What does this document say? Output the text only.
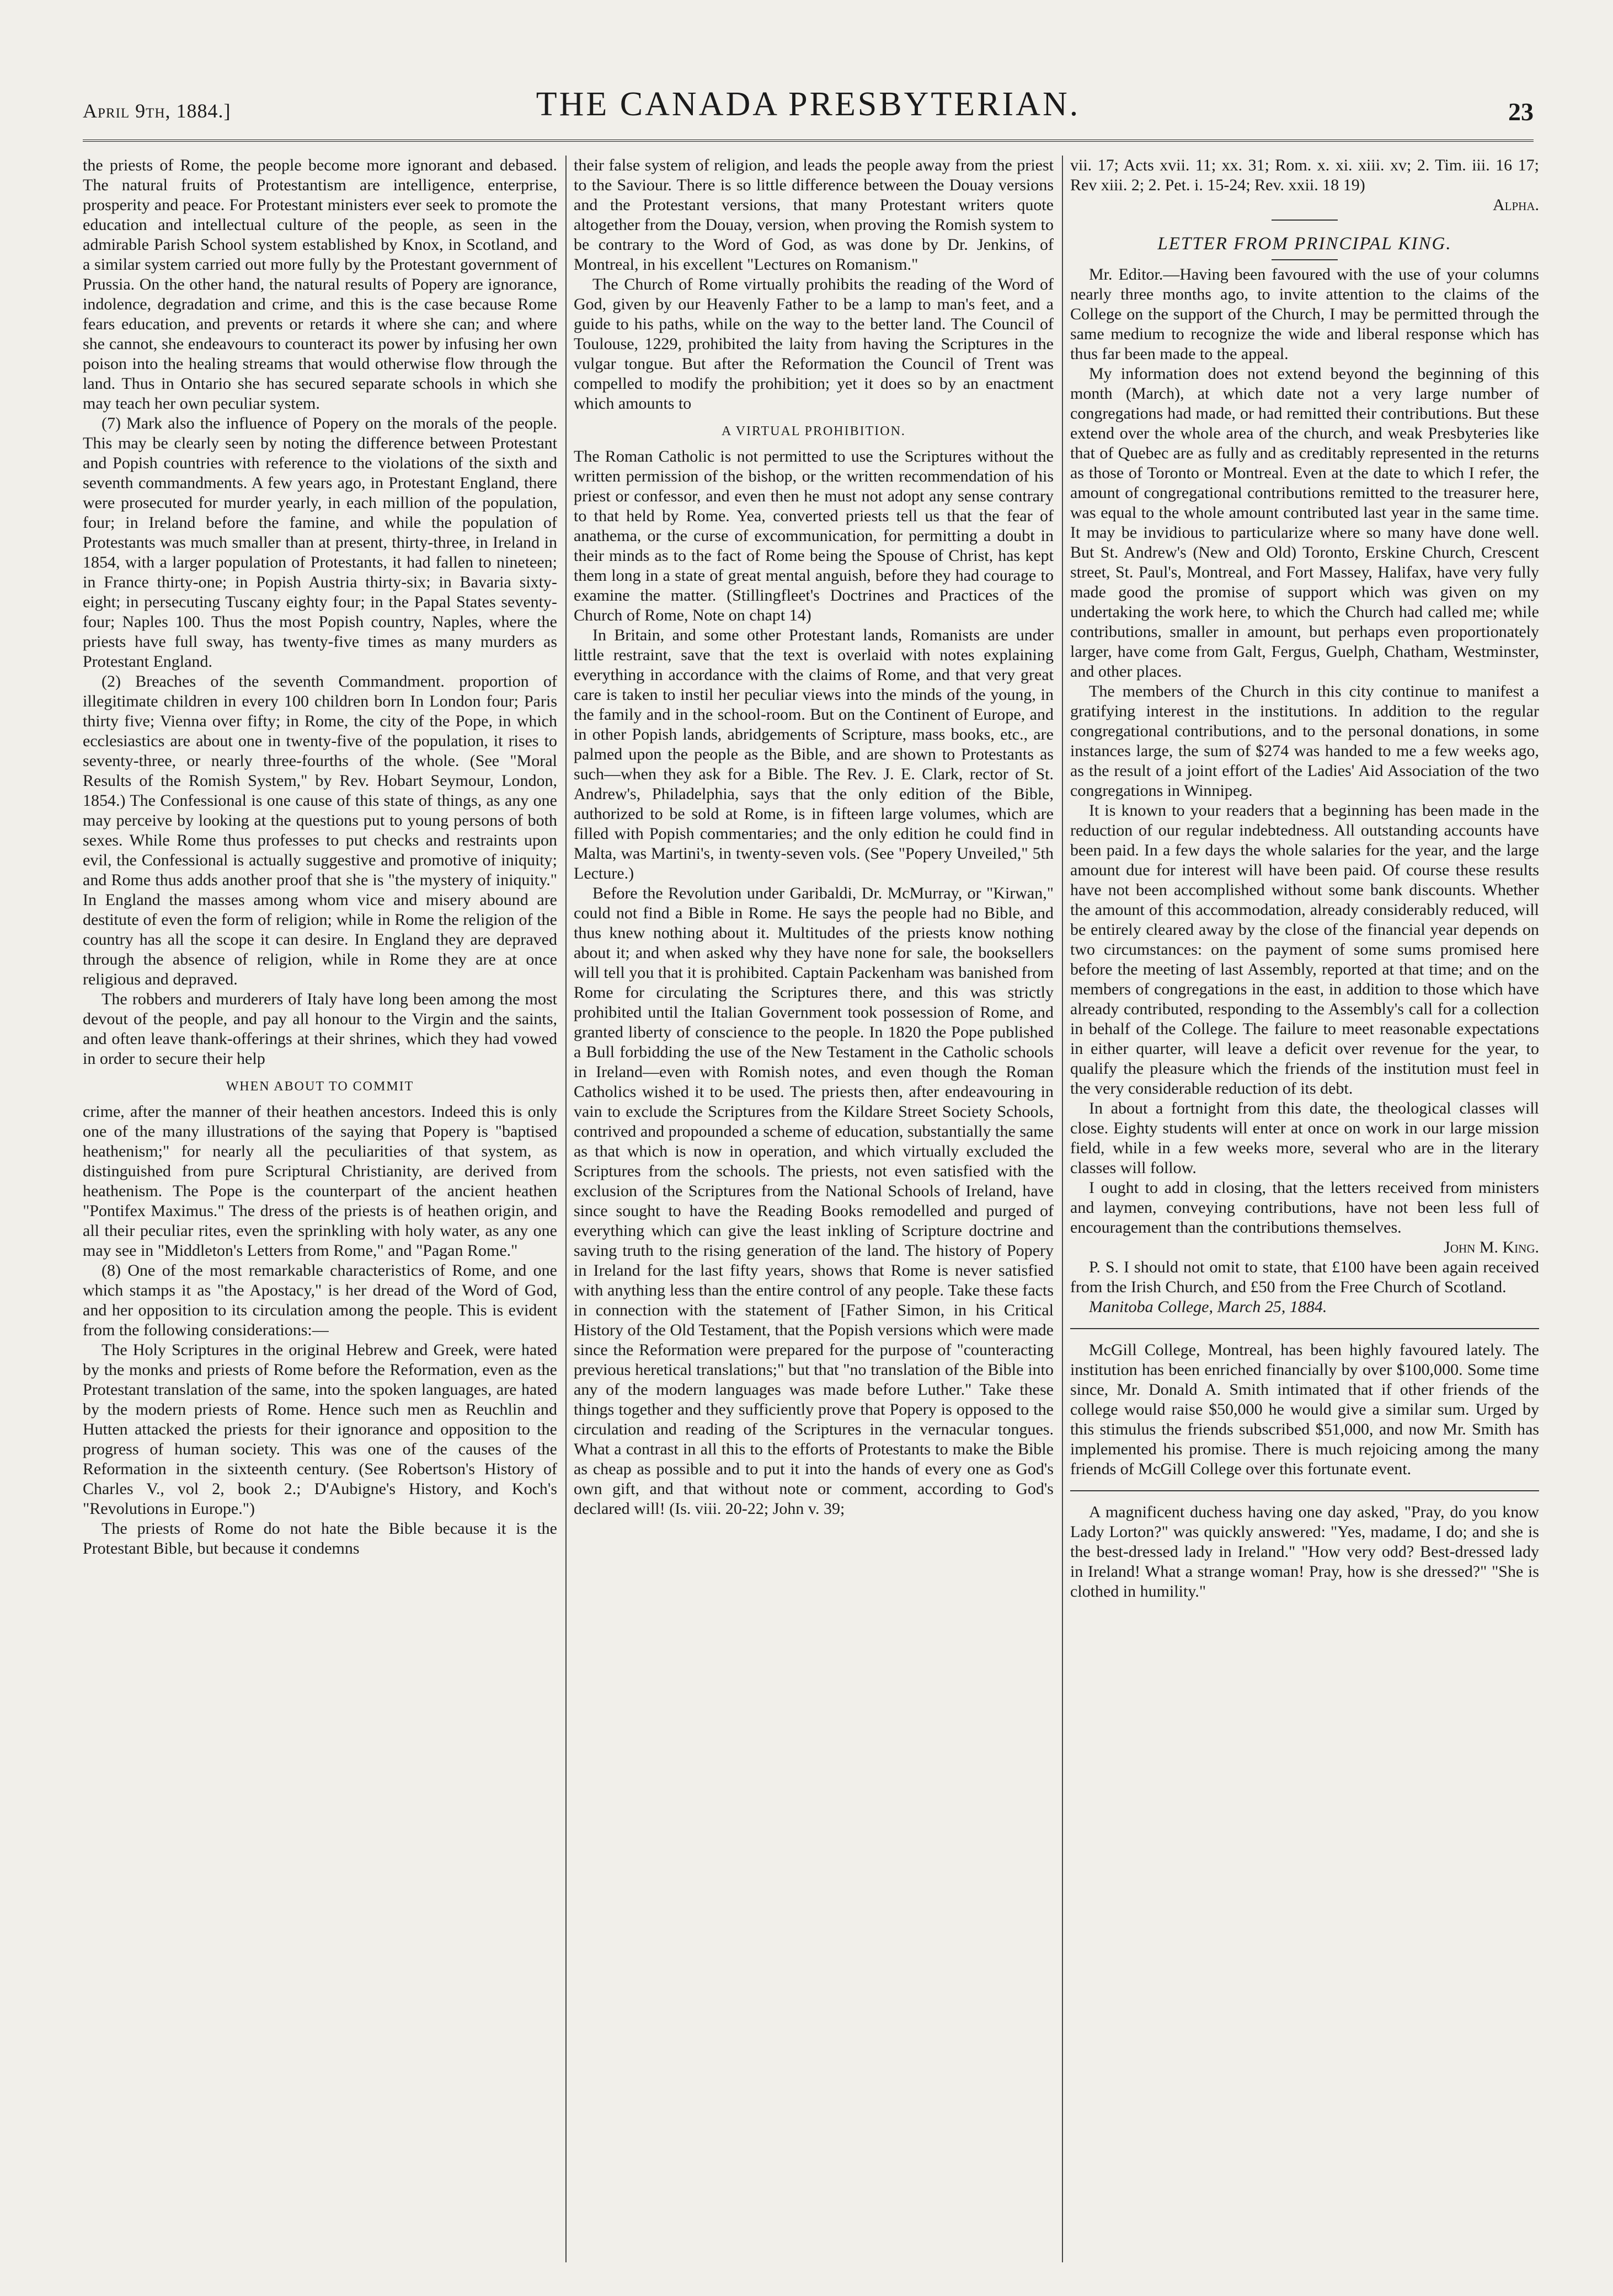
April 9th, 1884.]	THE CANADA PRESBYTERIAN.	23

the priests of Rome, the people become more ignorant and debased. The natural fruits of Protestantism are intelligence, enterprise, prosperity and peace. For Protestant ministers ever seek to promote the education and intellectual culture of the people, as seen in the admirable Parish School system established by Knox, in Scotland, and a similar system carried out more fully by the Protestant government of Prussia. On the other hand, the natural results of Popery are ignorance, indolence, degradation and crime, and this is the case because Rome fears education, and prevents or retards it where she can; and where she cannot, she endeavours to counteract its power by infusing her own poison into the healing streams that would otherwise flow through the land. Thus in Ontario she has secured separate schools in which she may teach her own peculiar system.

(7) Mark also the influence of Popery on the morals of the people. This may be clearly seen by noting the difference between Protestant and Popish countries with reference to the violations of the sixth and seventh commandments. A few years ago, in Protestant England, there were prosecuted for murder yearly, in each million of the population, four; in Ireland before the famine, and while the population of Protestants was much smaller than at present, thirty-three, in Ireland in 1854, with a larger population of Protestants, it had fallen to nineteen; in France thirty-one; in Popish Austria thirty-six; in Bavaria sixty-eight; in persecuting Tuscany eighty four; in the Papal States seventy-four; Naples 100. Thus the most Popish country, Naples, where the priests have full sway, has twenty-five times as many murders as Protestant England.

(2) Breaches of the seventh Commandment. proportion of illegitimate children in every 100 children born In London four; Paris thirty five; Vienna over fifty; in Rome, the city of the Pope, in which ecclesiastics are about one in twenty-five of the population, it rises to seventy-three, or nearly three-fourths of the whole. (See "Moral Results of the Romish System," by Rev. Hobart Seymour, London, 1854.) The Confessional is one cause of this state of things, as any one may perceive by looking at the questions put to young persons of both sexes. While Rome thus professes to put checks and restraints upon evil, the Confessional is actually suggestive and promotive of iniquity; and Rome thus adds another proof that she is "the mystery of iniquity." In England the masses among whom vice and misery abound are destitute of even the form of religion; while in Rome the religion of the country has all the scope it can desire. In England they are depraved through the absence of religion, while in Rome they are at once religious and depraved.

The robbers and murderers of Italy have long been among the most devout of the people, and pay all honour to the Virgin and the saints, and often leave thank-offerings at their shrines, which they had vowed in order to secure their help

WHEN ABOUT TO COMMIT

crime, after the manner of their heathen ancestors. Indeed this is only one of the many illustrations of the saying that Popery is "baptised heathenism;" for nearly all the peculiarities of that system, as distinguished from pure Scriptural Christianity, are derived from heathenism. The Pope is the counterpart of the ancient heathen "Pontifex Maximus." The dress of the priests is of heathen origin, and all their peculiar rites, even the sprinkling with holy water, as any one may see in "Middleton's Letters from Rome," and "Pagan Rome."

(8) One of the most remarkable characteristics of Rome, and one which stamps it as "the Apostacy," is her dread of the Word of God, and her opposition to its circulation among the people. This is evident from the following considerations:—

The Holy Scriptures in the original Hebrew and Greek, were hated by the monks and priests of Rome before the Reformation, even as the Protestant translation of the same, into the spoken languages, are hated by the modern priests of Rome. Hence such men as Reuchlin and Hutten attacked the priests for their ignorance and opposition to the progress of human society. This was one of the causes of the Reformation in the sixteenth century. (See Robertson's History of Charles V., vol 2, book 2.; D'Aubigne's History, and Koch's "Revolutions in Europe.")

The priests of Rome do not hate the Bible because it is the Protestant Bible, but because it condemns

their false system of religion, and leads the people away from the priest to the Saviour. There is so little difference between the Douay versions and the Protestant versions, that many Protestant writers quote altogether from the Douay, version, when proving the Romish system to be contrary to the Word of God, as was done by Dr. Jenkins, of Montreal, in his excellent "Lectures on Romanism."

The Church of Rome virtually prohibits the reading of the Word of God, given by our Heavenly Father to be a lamp to man's feet, and a guide to his paths, while on the way to the better land. The Council of Toulouse, 1229, prohibited the laity from having the Scriptures in the vulgar tongue. But after the Reformation the Council of Trent was compelled to modify the prohibition; yet it does so by an enactment which amounts to

A VIRTUAL PROHIBITION.

The Roman Catholic is not permitted to use the Scriptures without the written permission of the bishop, or the written recommendation of his priest or confessor, and even then he must not adopt any sense contrary to that held by Rome. Yea, converted priests tell us that the fear of anathema, or the curse of excommunication, for permitting a doubt in their minds as to the fact of Rome being the Spouse of Christ, has kept them long in a state of great mental anguish, before they had courage to examine the matter. (Stillingfleet's Doctrines and Practices of the Church of Rome, Note on chapt 14)

In Britain, and some other Protestant lands, Romanists are under little restraint, save that the text is overlaid with notes explaining everything in accordance with the claims of Rome, and that very great care is taken to instil her peculiar views into the minds of the young, in the family and in the school-room. But on the Continent of Europe, and in other Popish lands, abridgements of Scripture, mass books, etc., are palmed upon the people as the Bible, and are shown to Protestants as such—when they ask for a Bible. The Rev. J. E. Clark, rector of St. Andrew's, Philadelphia, says that the only edition of the Bible, authorized to be sold at Rome, is in fifteen large volumes, which are filled with Popish commentaries; and the only edition he could find in Malta, was Martini's, in twenty-seven vols. (See "Popery Unveiled," 5th Lecture.)

Before the Revolution under Garibaldi, Dr. McMurray, or "Kirwan," could not find a Bible in Rome. He says the people had no Bible, and thus knew nothing about it. Multitudes of the priests know nothing about it; and when asked why they have none for sale, the booksellers will tell you that it is prohibited. Captain Packenham was banished from Rome for circulating the Scriptures there, and this was strictly prohibited until the Italian Government took possession of Rome, and granted liberty of conscience to the people. In 1820 the Pope published a Bull forbidding the use of the New Testament in the Catholic schools in Ireland—even with Romish notes, and even though the Roman Catholics wished it to be used. The priests then, after endeavouring in vain to exclude the Scriptures from the Kildare Street Society Schools, contrived and propounded a scheme of education, substantially the same as that which is now in operation, and which virtually excluded the Scriptures from the schools. The priests, not even satisfied with the exclusion of the Scriptures from the National Schools of Ireland, have since sought to have the Reading Books remodelled and purged of everything which can give the least inkling of Scripture doctrine and saving truth to the rising generation of the land. The history of Popery in Ireland for the last fifty years, shows that Rome is never satisfied with anything less than the entire control of any people. Take these facts in connection with the statement of [Father Simon, in his Critical History of the Old Testament, that the Popish versions which were made since the Reformation were prepared for the purpose of "counteracting previous heretical translations;" but that "no translation of the Bible into any of the modern languages was made before Luther." Take these things together and they sufficiently prove that Popery is opposed to the circulation and reading of the Scriptures in the vernacular tongues. What a contrast in all this to the efforts of Protestants to make the Bible as cheap as possible and to put it into the hands of every one as God's own gift, and that without note or comment, according to God's declared will! (Is. viii. 20-22; John v. 39;

vii. 17; Acts xvii. 11; xx. 31; Rom. x. xi. xiii. xv; 2. Tim. iii. 16 17; Rev xiii. 2; 2. Pet. i. 15-24; Rev. xxii. 18 19)

Alpha.
LETTER FROM PRINCIPAL KING.

Mr. Editor.—Having been favoured with the use of your columns nearly three months ago, to invite attention to the claims of the College on the support of the Church, I may be permitted through the same medium to recognize the wide and liberal response which has thus far been made to the appeal.

My information does not extend beyond the beginning of this month (March), at which date not a very large number of congregations had made, or had remitted their contributions. But these extend over the whole area of the church, and weak Presbyteries like that of Quebec are as fully and as creditably represented in the returns as those of Toronto or Montreal. Even at the date to which I refer, the amount of congregational contributions remitted to the treasurer here, was equal to the whole amount contributed last year in the same time. It may be invidious to particularize where so many have done well. But St. Andrew's (New and Old) Toronto, Erskine Church, Crescent street, St. Paul's, Montreal, and Fort Massey, Halifax, have very fully made good the promise of support which was given on my undertaking the work here, to which the Church had called me; while contributions, smaller in amount, but perhaps even proportionately larger, have come from Galt, Fergus, Guelph, Chatham, Westminster, and other places.

The members of the Church in this city continue to manifest a gratifying interest in the institutions. In addition to the regular congregational contributions, and to the personal donations, in some instances large, the sum of $274 was handed to me a few weeks ago, as the result of a joint effort of the Ladies' Aid Association of the two congregations in Winnipeg.

It is known to your readers that a beginning has been made in the reduction of our regular indebtedness. All outstanding accounts have been paid. In a few days the whole salaries for the year, and the large amount due for interest will have been paid. Of course these results have not been accomplished without some bank discounts. Whether the amount of this accommodation, already considerably reduced, will be entirely cleared away by the close of the financial year depends on two circumstances: on the payment of some sums promised here before the meeting of last Assembly, reported at that time; and on the members of congregations in the east, in addition to those which have already contributed, responding to the Assembly's call for a collection in behalf of the College. The failure to meet reasonable expectations in either quarter, will leave a deficit over revenue for the year, to qualify the pleasure which the friends of the institution must feel in the very considerable reduction of its debt.

In about a fortnight from this date, the theological classes will close. Eighty students will enter at once on work in our large mission field, while in a few weeks more, several who are in the literary classes will follow.

I ought to add in closing, that the letters received from ministers and laymen, conveying contributions, have not been less full of encouragement than the contributions themselves.

John M. King.

P. S. I should not omit to state, that £100 have been again received from the Irish Church, and £50 from the Free Church of Scotland.

Manitoba College, March 25, 1884.

McGill College, Montreal, has been highly favoured lately. The institution has been enriched financially by over $100,000. Some time since, Mr. Donald A. Smith intimated that if other friends of the college would raise $50,000 he would give a similar sum. Urged by this stimulus the friends subscribed $51,000, and now Mr. Smith has implemented his promise. There is much rejoicing among the many friends of McGill College over this fortunate event.

A magnificent duchess having one day asked, "Pray, do you know Lady Lorton?" was quickly answered: "Yes, madame, I do; and she is the best-dressed lady in Ireland." "How very odd? Best-dressed lady in Ireland! What a strange woman! Pray, how is she dressed?" "She is clothed in humility."
